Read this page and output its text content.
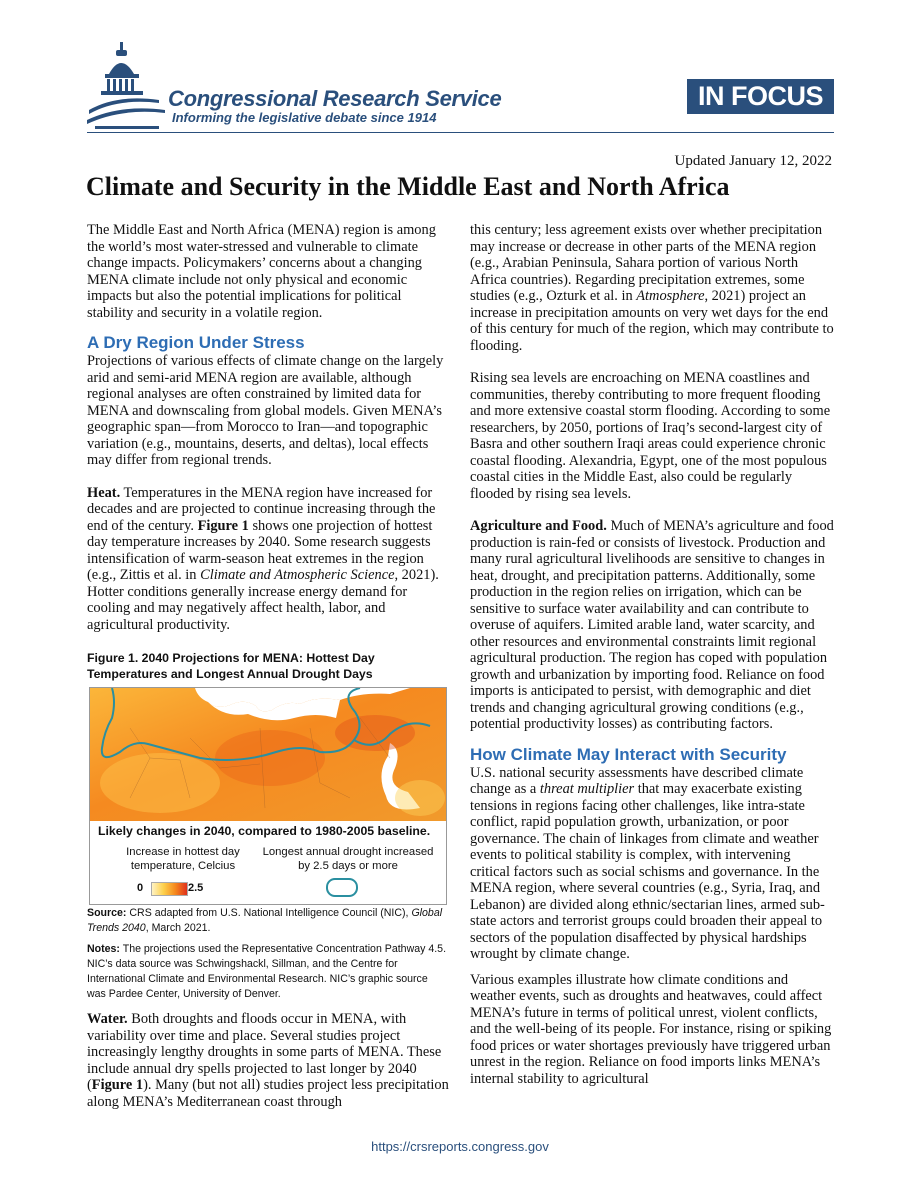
Congressional Research Service
Informing the legislative debate since 1914
IN FOCUS
Updated January 12, 2022
Climate and Security in the Middle East and North Africa

The Middle East and North Africa (MENA) region is among the world’s most water-stressed and vulnerable to climate change impacts. Policymakers’ concerns about a changing MENA climate include not only physical and economic impacts but also the potential implications for political stability and security in a volatile region.

A Dry Region Under Stress

Projections of various effects of climate change on the largely arid and semi-arid MENA region are available, although regional analyses are often constrained by limited data for MENA and downscaling from global models. Given MENA’s geographic span—from Morocco to Iran—and topographic variation (e.g., mountains, deserts, and deltas), local effects may differ from regional trends.

Heat. Temperatures in the MENA region have increased for decades and are projected to continue increasing through the end of the century. Figure 1 shows one projection of hottest day temperature increases by 2040. Some research suggests intensification of warm-season heat extremes in the region (e.g., Zittis et al. in Climate and Atmospheric Science, 2021). Hotter conditions generally increase energy demand for cooling and may negatively affect health, labor, and agricultural productivity.

Figure 1. 2040 Projections for MENA: Hottest Day Temperatures and Longest Annual Drought Days

Likely changes in 2040, compared to 1980-2005 baseline.
Increase in hottest day temperature, Celcius
Longest annual drought increased by 2.5 days or more
0	2.5

Source: CRS adapted from U.S. National Intelligence Council (NIC), Global Trends 2040, March 2021.

Notes: The projections used the Representative Concentration Pathway 4.5. NIC’s data source was Schwingshackl, Sillman, and the Centre for International Climate and Environmental Research. NIC’s graphic source was Pardee Center, University of Denver.

Water. Both droughts and floods occur in MENA, with variability over time and place. Several studies project increasingly lengthy droughts in some parts of MENA. These include annual dry spells projected to last longer by 2040 (Figure 1). Many (but not all) studies project less precipitation along MENA’s Mediterranean coast through

this century; less agreement exists over whether precipitation may increase or decrease in other parts of the MENA region (e.g., Arabian Peninsula, Sahara portion of various North Africa countries). Regarding precipitation extremes, some studies (e.g., Ozturk et al. in Atmosphere, 2021) project an increase in precipitation amounts on very wet days for the end of this century for much of the region, which may contribute to flooding.

Rising sea levels are encroaching on MENA coastlines and communities, thereby contributing to more frequent flooding and more extensive coastal storm flooding. According to some researchers, by 2050, portions of Iraq’s second-largest city of Basra and other southern Iraqi areas could experience chronic coastal flooding. Alexandria, Egypt, one of the most populous coastal cities in the Middle East, also could be regularly flooded by rising sea levels.

Agriculture and Food. Much of MENA’s agriculture and food production is rain-fed or consists of livestock. Production and many rural agricultural livelihoods are sensitive to changes in heat, drought, and precipitation patterns. Additionally, some production in the region relies on irrigation, which can be sensitive to surface water availability and can contribute to overuse of aquifers. Limited arable land, water scarcity, and other resources and environmental constraints limit regional agricultural production. The region has coped with population growth and urbanization by importing food. Reliance on food imports is anticipated to persist, with demographic and diet trends and changing agricultural growing conditions (e.g., potential productivity losses) as contributing factors.

How Climate May Interact with Security

U.S. national security assessments have described climate change as a threat multiplier that may exacerbate existing tensions in regions facing other challenges, like intra-state conflict, rapid population growth, urbanization, or poor governance. The chain of linkages from climate and weather events to political stability is complex, with intervening critical factors such as social schisms and governance. In the MENA region, where several countries (e.g., Syria, Iraq, and Lebanon) are divided along ethnic/sectarian lines, armed sub-state actors and terrorist groups could broaden their appeal to sectors of the population disaffected by physical hardships wrought by climate change.

Various examples illustrate how climate conditions and weather events, such as droughts and heatwaves, could affect MENA’s future in terms of political unrest, violent conflicts, and the well-being of its people. For instance, rising or spiking food prices or water shortages previously have triggered urban unrest in the region. Reliance on food imports links MENA’s internal stability to agricultural

https://crsreports.congress.gov
